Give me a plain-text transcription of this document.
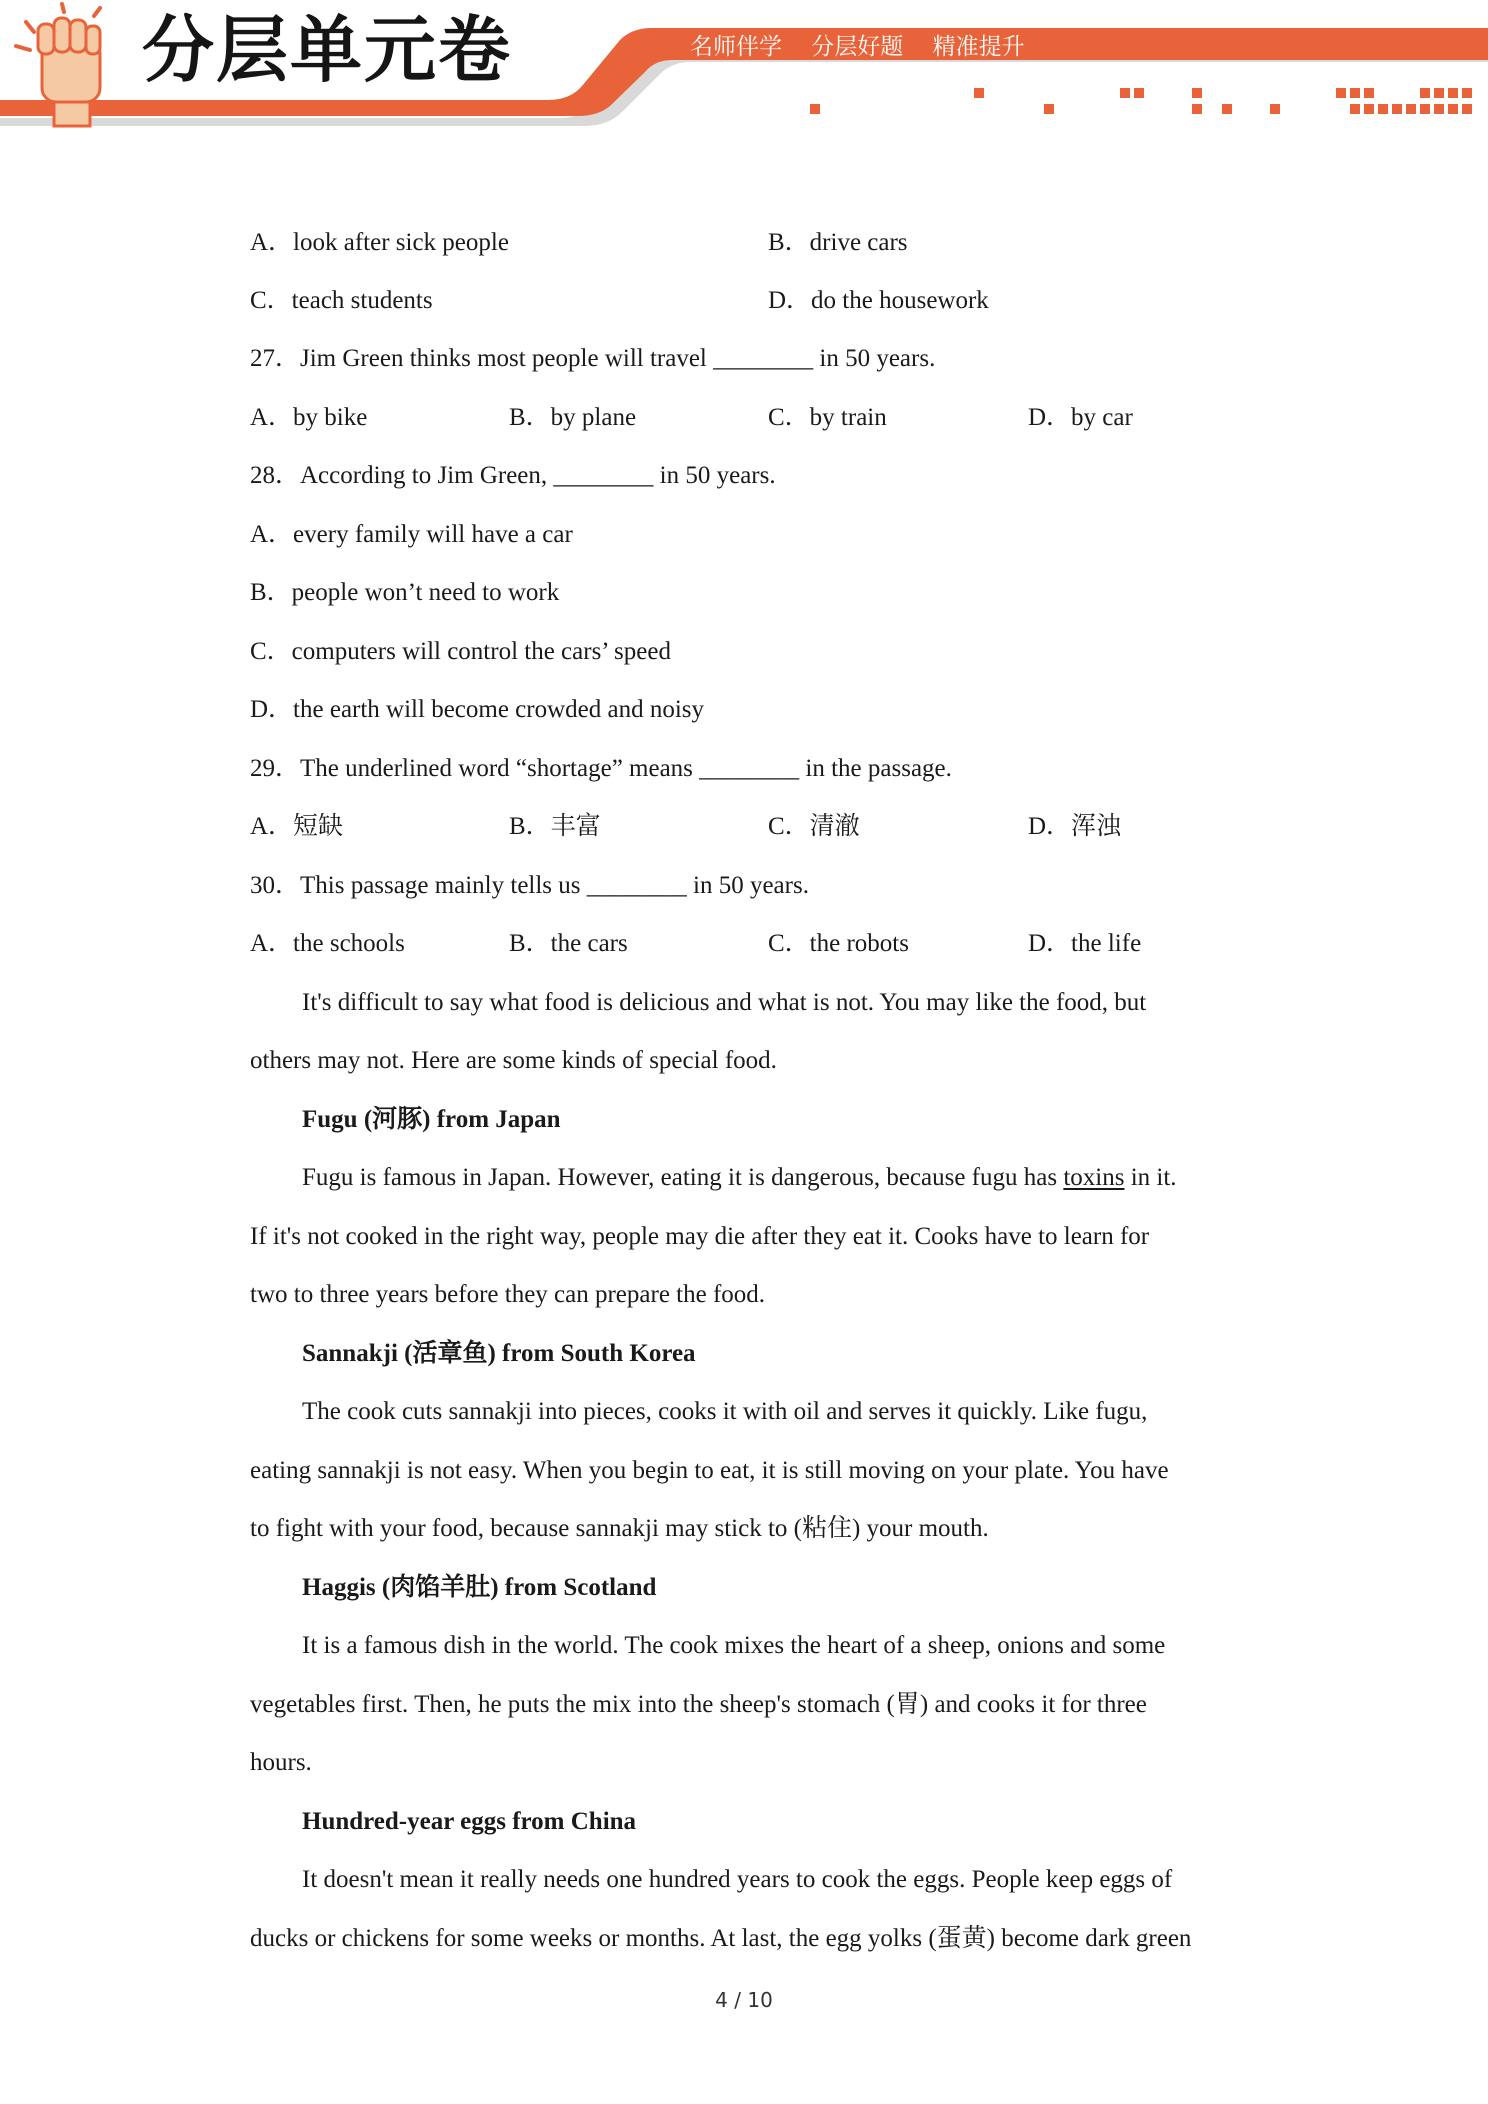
分层单元卷	名师伴学 分层好题 精准提升
A．look after sick people	B．drive cars
C．teach students	D．do the housework
27．Jim Green thinks most people will travel ________ in 50 years.
A．by bike	B．by plane	C．by train	D．by car
28．According to Jim Green, ________ in 50 years.
A．every family will have a car
B．people won’t need to work
C．computers will control the cars’ speed
D．the earth will become crowded and noisy
29．The underlined word “shortage” means ________ in the passage.
A．短缺	B．丰富	C．清澈	D．浑浊
30．This passage mainly tells us ________ in 50 years.
A．the schools	B．the cars	C．the robots	D．the life
It's difficult to say what food is delicious and what is not. You may like the food, but
others may not. Here are some kinds of special food.
Fugu (河豚) from Japan
Fugu is famous in Japan. However, eating it is dangerous, because fugu has toxins in it.
If it's not cooked in the right way, people may die after they eat it. Cooks have to learn for
two to three years before they can prepare the food.
Sannakji (活章鱼) from South Korea
The cook cuts sannakji into pieces, cooks it with oil and serves it quickly. Like fugu,
eating sannakji is not easy. When you begin to eat, it is still moving on your plate. You have
to fight with your food, because sannakji may stick to (粘住) your mouth.
Haggis (肉馅羊肚) from Scotland
It is a famous dish in the world. The cook mixes the heart of a sheep, onions and some
vegetables first. Then, he puts the mix into the sheep's stomach (胃) and cooks it for three
hours.
Hundred-year eggs from China
It doesn't mean it really needs one hundred years to cook the eggs. People keep eggs of
ducks or chickens for some weeks or months. At last, the egg yolks (蛋黄) become dark green
4 / 10
